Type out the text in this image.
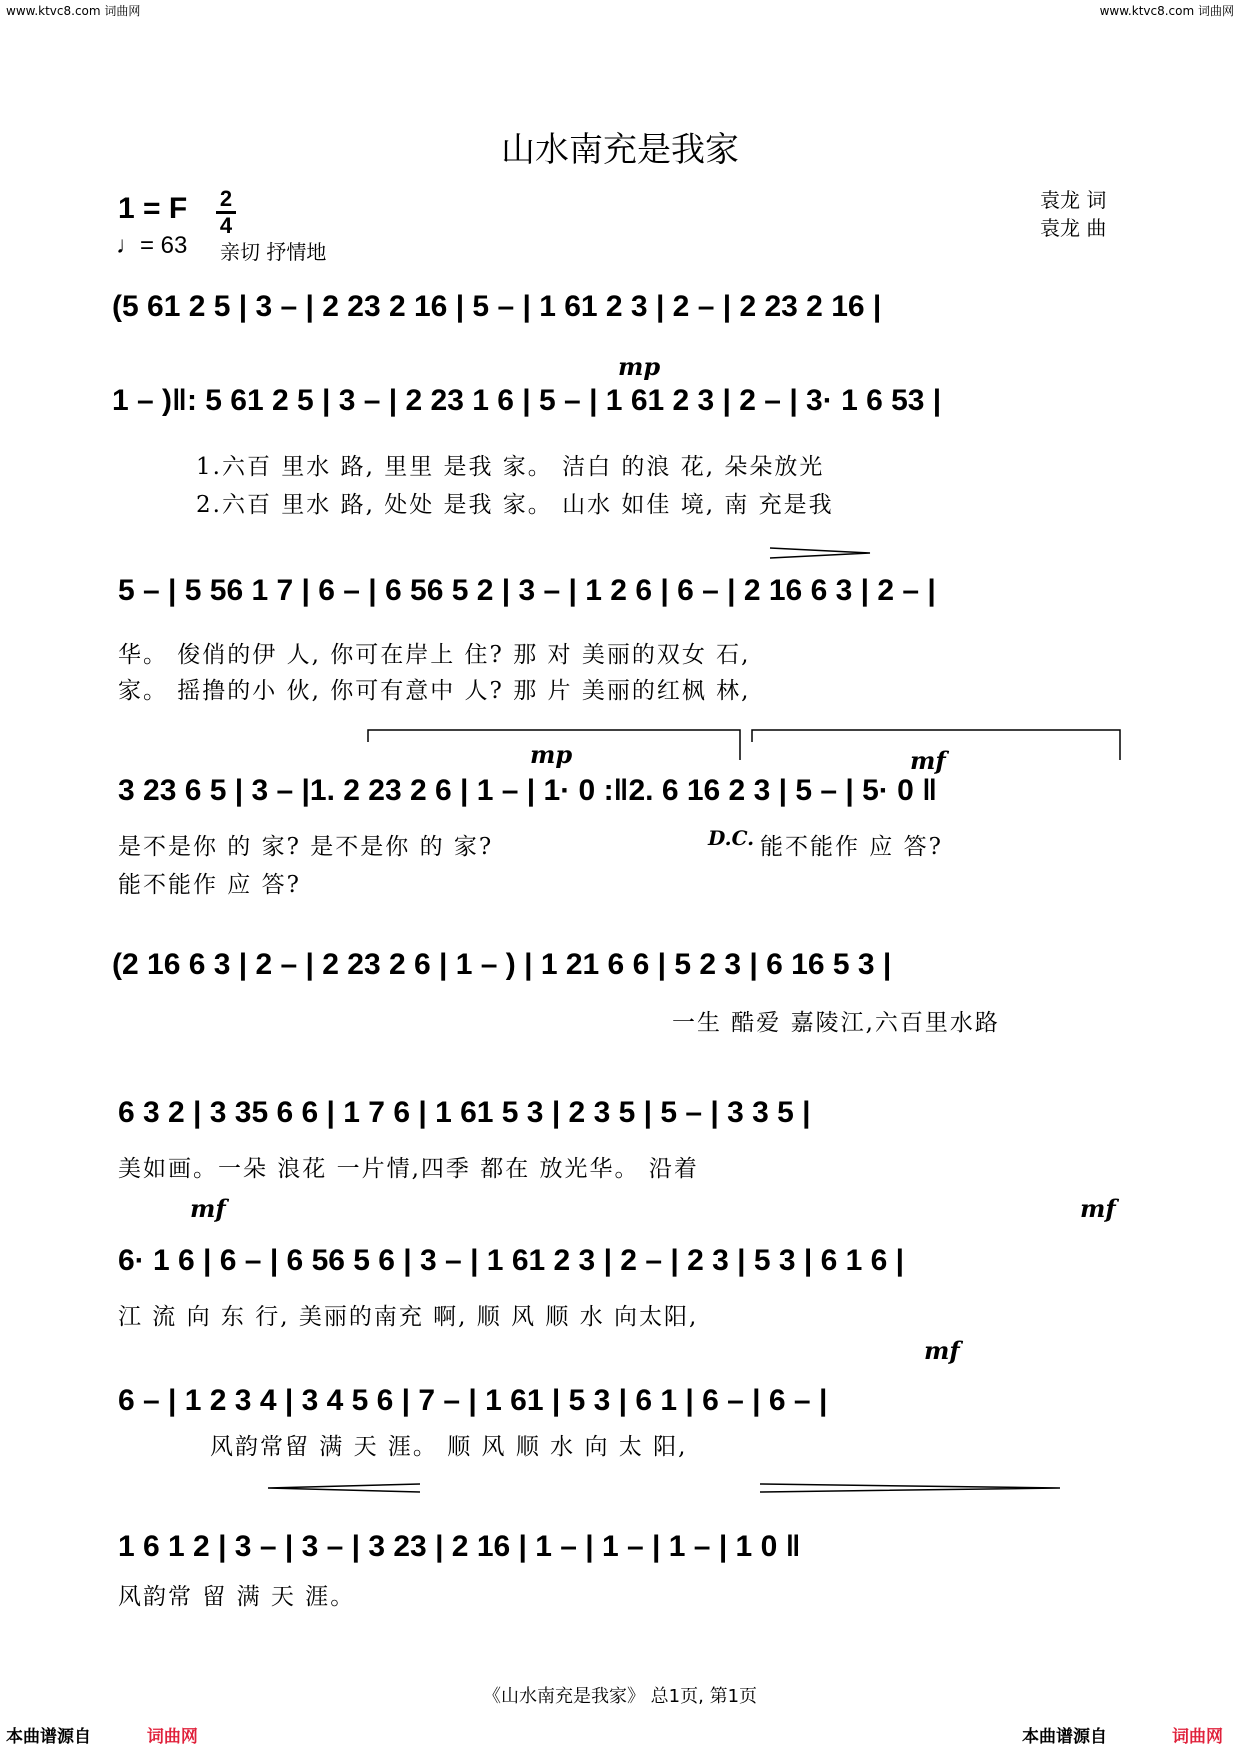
www.ktvc8.com 词曲网	www.ktvc8.com 词曲网
山水南充是我家
1 = F 2
4
♩= 63 亲切 抒情地
袁龙 词
袁龙 曲
(5 61 2 5 | 3 – | 2 23 2 16 | 5 – | 1 61 2 3 | 2 – | 2 23 2 16 |
1 – )‖: 5 61 2 5 | 3 – | 2 23 1 6 | 5 – | 1 61 2 3 | 2 – | 3· 1 6 53 |
mp
1.六百 里水 路, 里里 是我 家。 洁白 的浪 花, 朵朵放光
2.六百 里水 路, 处处 是我 家。 山水 如佳 境, 南 充是我
5 – | 5 56 1 7 | 6 – | 6 56 5 2 | 3 – | 1 2 6 | 6 – | 2 16 6 3 | 2 – |
华。 俊俏的伊 人, 你可在岸上 住? 那 对 美丽的双女 石,
家。 摇撸的小 伙, 你可有意中 人? 那 片 美丽的红枫 林,
3 23 6 5 | 3 – |1. 2 23 2 6 | 1 – | 1· 0 :‖2. 6 16 2 3 | 5 – | 5· 0 ‖
mp	mf
是不是你 的 家? 是不是你 的 家?	D.C. 能不能作 应 答?
能不能作 应 答?
(2 16 6 3 | 2 – | 2 23 2 6 | 1 – ) | 1 21 6 6 | 5 2 3 | 6 16 5 3 |
一生 酷爱 嘉陵江,六百里水路
6 3 2 | 3 35 6 6 | 1 7 6 | 1 61 5 3 | 2 3 5 | 5 – | 3 3 5 |
美如画。一朵 浪花 一片情,四季 都在 放光华。 沿着
6· 1 6 | 6 – | 6 56 5 6 | 3 – | 1 61 2 3 | 2 – | 2 3 | 5 3 | 6 1 6 |
mf	mf
江 流 向 东 行, 美丽的南充 啊, 顺 风 顺 水 向太阳,
6 – | 1 2 3 4 | 3 4 5 6 | 7 – | 1 61 | 5 3 | 6 1 | 6 – | 6 – |
mf
风韵常留 满 天 涯。 顺 风 顺 水 向 太 阳,
1 6 1 2 | 3 – | 3 – | 3 23 | 2 16 | 1 – | 1 – | 1 – | 1 0 ‖
风韵常 留 满 天 涯。
《山水南充是我家》 总1页, 第1页
本曲谱源自	词曲网	本曲谱源自	词曲网
